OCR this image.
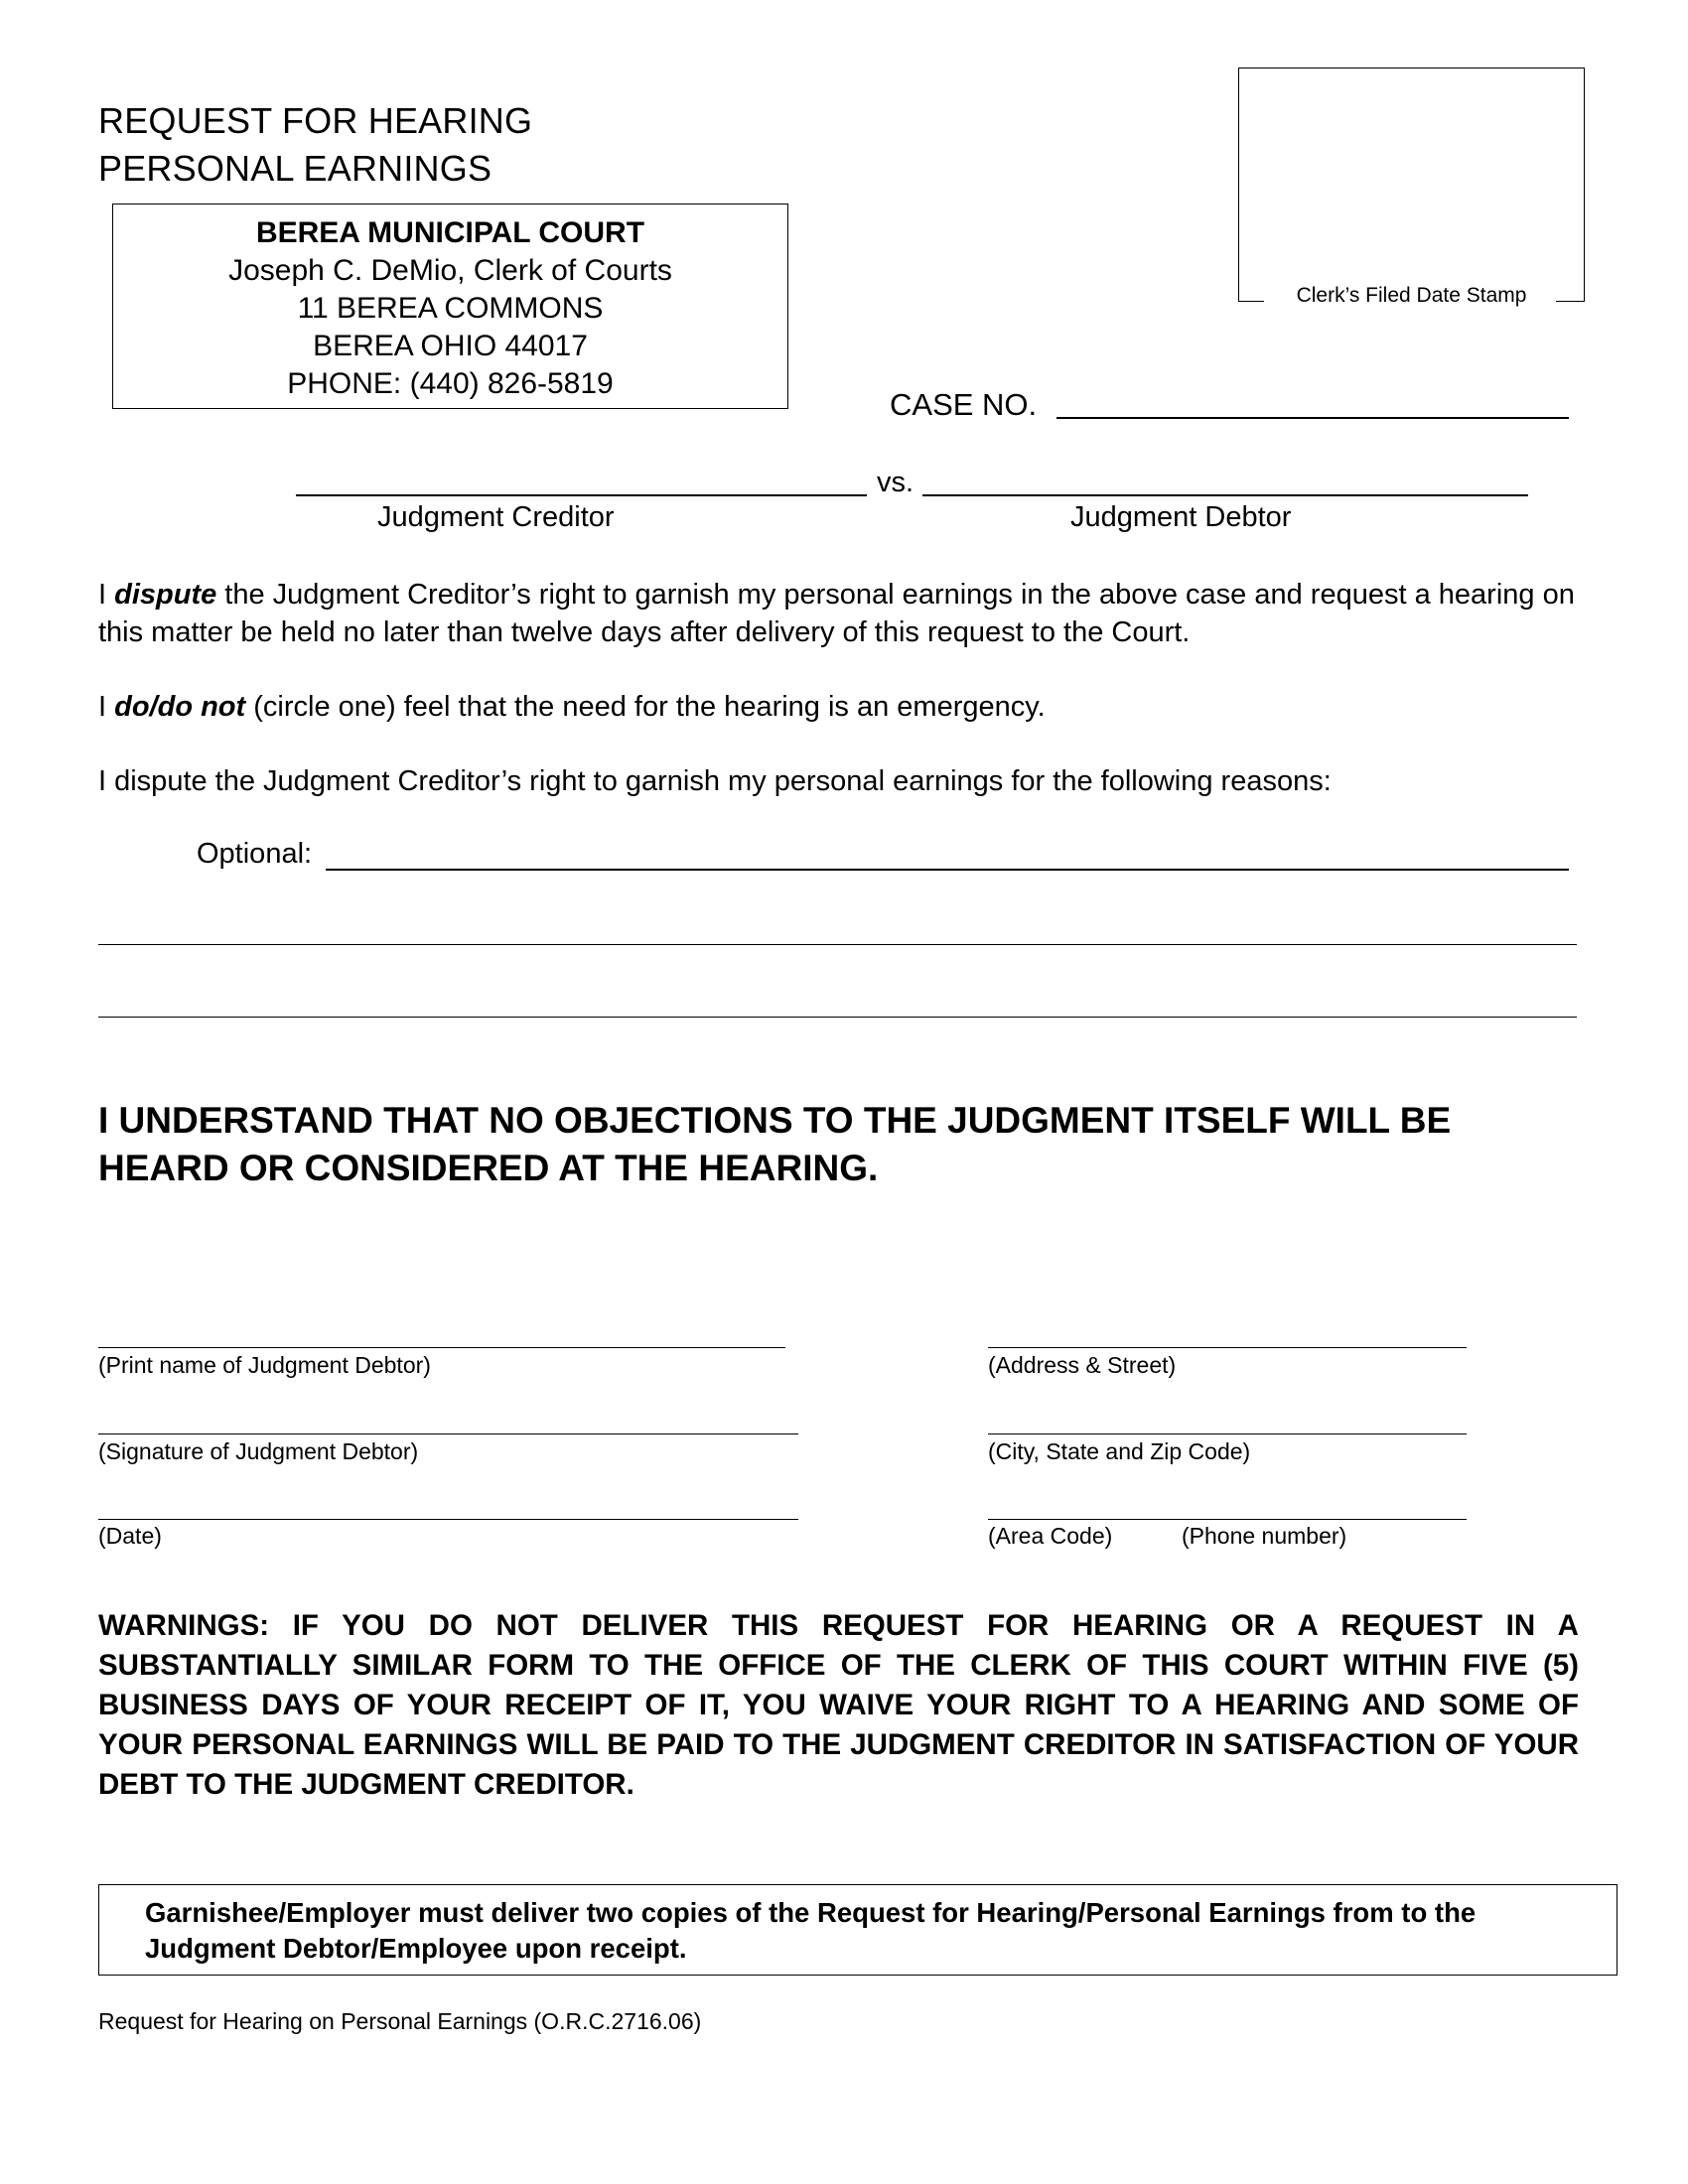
REQUEST FOR HEARING
PERSONAL EARNINGS
BEREA MUNICIPAL COURT
Joseph C. DeMio, Clerk of Courts
11 BEREA COMMONS
BEREA OHIO 44017
PHONE: (440) 826-5819
Clerk’s Filed Date Stamp
CASE NO.
vs.
Judgment Creditor	Judgment Debtor
I dispute the Judgment Creditor’s right to garnish my personal earnings in the above case and request a hearing on this matter be held no later than twelve days after delivery of this request to the Court.
I do/do not (circle one) feel that the need for the hearing is an emergency.
I dispute the Judgment Creditor’s right to garnish my personal earnings for the following reasons:
Optional:
I UNDERSTAND THAT NO OBJECTIONS TO THE JUDGMENT ITSELF WILL BE HEARD OR CONSIDERED AT THE HEARING.
(Print name of Judgment Debtor)
(Signature of Judgment Debtor)
(Date)
(Address & Street)
(City, State and Zip Code)
(Area Code)	(Phone number)
WARNINGS: IF YOU DO NOT DELIVER THIS REQUEST FOR HEARING OR A REQUEST IN A SUBSTANTIALLY SIMILAR FORM TO THE OFFICE OF THE CLERK OF THIS COURT WITHIN FIVE (5) BUSINESS DAYS OF YOUR RECEIPT OF IT, YOU WAIVE YOUR RIGHT TO A HEARING AND SOME OF YOUR PERSONAL EARNINGS WILL BE PAID TO THE JUDGMENT CREDITOR IN SATISFACTION OF YOUR DEBT TO THE JUDGMENT CREDITOR.
Garnishee/Employer must deliver two copies of the Request for Hearing/Personal Earnings from to the Judgment Debtor/Employee upon receipt.
Request for Hearing on Personal Earnings (O.R.C.2716.06)
